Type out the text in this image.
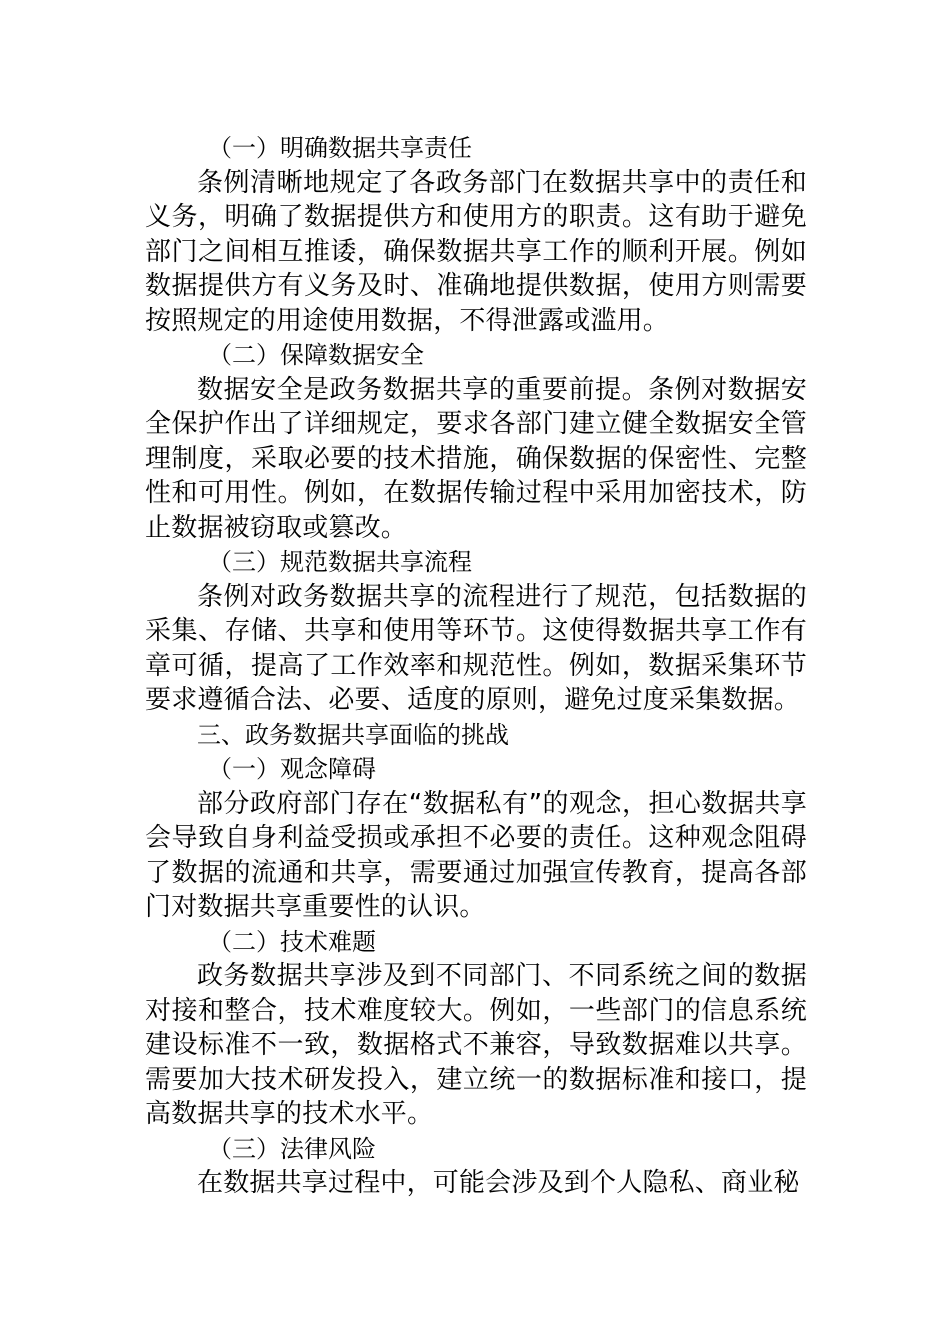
（一）明确数据共享责任

条例清晰地规定了各政务部门在数据共享中的责任和义务，明确了数据提供方和使用方的职责。这有助于避免部门之间相互推诿，确保数据共享工作的顺利开展。例如数据提供方有义务及时、准确地提供数据，使用方则需要按照规定的用途使用数据，不得泄露或滥用。

（二）保障数据安全

数据安全是政务数据共享的重要前提。条例对数据安全保护作出了详细规定，要求各部门建立健全数据安全管理制度，采取必要的技术措施，确保数据的保密性、完整性和可用性。例如，在数据传输过程中采用加密技术，防止数据被窃取或篡改。

（三）规范数据共享流程

条例对政务数据共享的流程进行了规范，包括数据的采集、存储、共享和使用等环节。这使得数据共享工作有章可循，提高了工作效率和规范性。例如，数据采集环节要求遵循合法、必要、适度的原则，避免过度采集数据。

三、政务数据共享面临的挑战

（一）观念障碍

部分政府部门存在“数据私有”的观念，担心数据共享会导致自身利益受损或承担不必要的责任。这种观念阻碍了数据的流通和共享，需要通过加强宣传教育，提高各部门对数据共享重要性的认识。

（二）技术难题

政务数据共享涉及到不同部门、不同系统之间的数据对接和整合，技术难度较大。例如，一些部门的信息系统建设标准不一致，数据格式不兼容，导致数据难以共享。需要加大技术研发投入，建立统一的数据标准和接口，提高数据共享的技术水平。

（三）法律风险

在数据共享过程中，可能会涉及到个人隐私、商业秘
